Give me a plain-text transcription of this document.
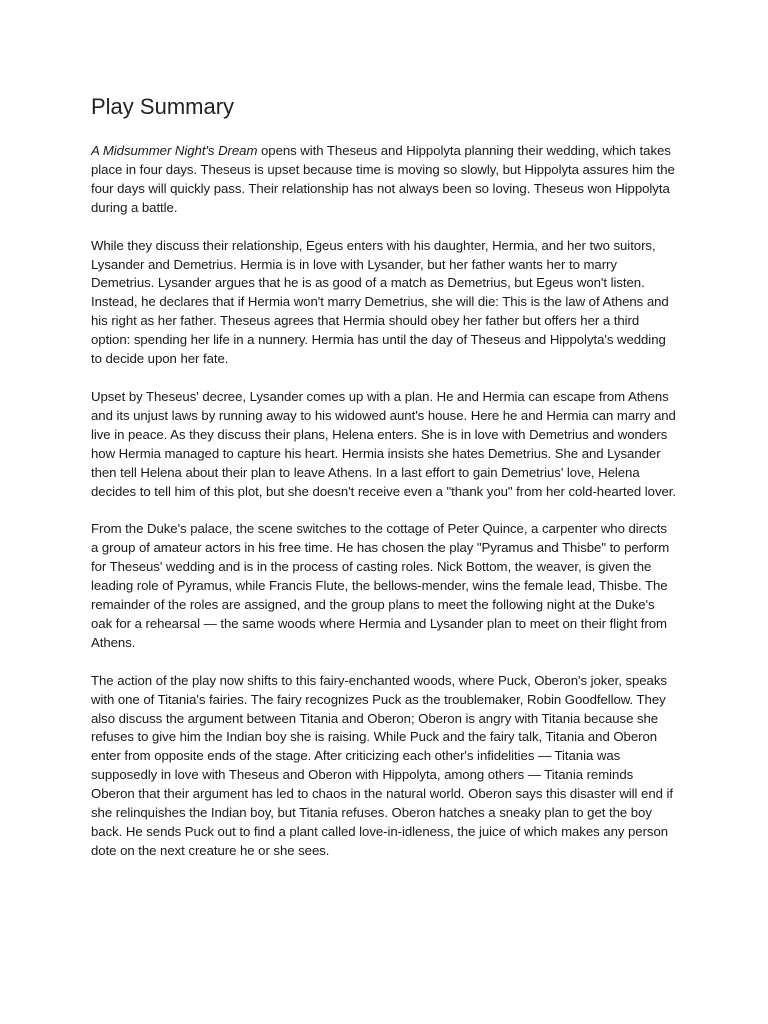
Play Summary

A Midsummer Night's Dream opens with Theseus and Hippolyta planning their wedding, which takes place in four days. Theseus is upset because time is moving so slowly, but Hippolyta assures him the four days will quickly pass. Their relationship has not always been so loving. Theseus won Hippolyta during a battle.

While they discuss their relationship, Egeus enters with his daughter, Hermia, and her two suitors, Lysander and Demetrius. Hermia is in love with Lysander, but her father wants her to marry Demetrius. Lysander argues that he is as good of a match as Demetrius, but Egeus won't listen. Instead, he declares that if Hermia won't marry Demetrius, she will die: This is the law of Athens and his right as her father. Theseus agrees that Hermia should obey her father but offers her a third option: spending her life in a nunnery. Hermia has until the day of Theseus and Hippolyta's wedding to decide upon her fate.

Upset by Theseus' decree, Lysander comes up with a plan. He and Hermia can escape from Athens and its unjust laws by running away to his widowed aunt's house. Here he and Hermia can marry and live in peace. As they discuss their plans, Helena enters. She is in love with Demetrius and wonders how Hermia managed to capture his heart. Hermia insists she hates Demetrius. She and Lysander then tell Helena about their plan to leave Athens. In a last effort to gain Demetrius' love, Helena decides to tell him of this plot, but she doesn't receive even a "thank you" from her cold-hearted lover.

From the Duke's palace, the scene switches to the cottage of Peter Quince, a carpenter who directs a group of amateur actors in his free time. He has chosen the play "Pyramus and Thisbe" to perform for Theseus' wedding and is in the process of casting roles. Nick Bottom, the weaver, is given the leading role of Pyramus, while Francis Flute, the bellows-mender, wins the female lead, Thisbe. The remainder of the roles are assigned, and the group plans to meet the following night at the Duke's oak for a rehearsal — the same woods where Hermia and Lysander plan to meet on their flight from Athens.

The action of the play now shifts to this fairy-enchanted woods, where Puck, Oberon's joker, speaks with one of Titania's fairies. The fairy recognizes Puck as the troublemaker, Robin Goodfellow. They also discuss the argument between Titania and Oberon; Oberon is angry with Titania because she refuses to give him the Indian boy she is raising. While Puck and the fairy talk, Titania and Oberon enter from opposite ends of the stage. After criticizing each other's infidelities — Titania was supposedly in love with Theseus and Oberon with Hippolyta, among others — Titania reminds Oberon that their argument has led to chaos in the natural world. Oberon says this disaster will end if she relinquishes the Indian boy, but Titania refuses. Oberon hatches a sneaky plan to get the boy back. He sends Puck out to find a plant called love-in-idleness, the juice of which makes any person dote on the next creature he or she sees.
